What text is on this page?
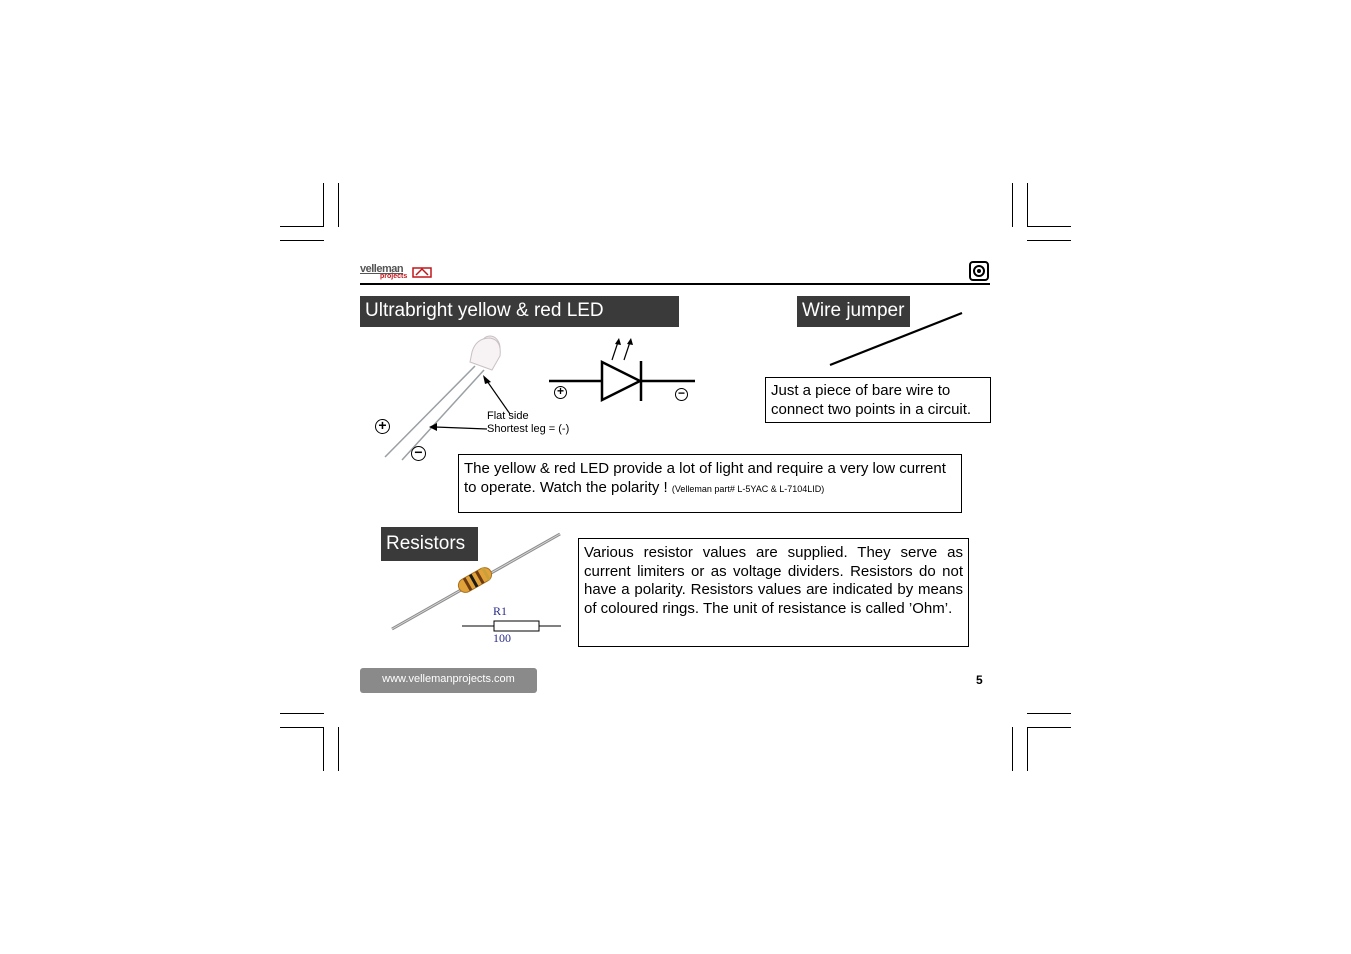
velleman
projects
Ultrabright yellow & red LED
Flat side
Shortest leg = (-)
+
−
+	−
The yellow & red LED provide a lot of light and require a very low current to operate. Watch the polarity ! (Velleman part# L-5YAC & L-7104LID)
Wire jumper
Just a piece of bare wire to connect two points in a circuit.
Resistors
R1
100
Various resistor values are supplied. They serve as current limiters or as voltage dividers. Resistors do not have a polarity. Resistors values are indicated by means of coloured rings. The unit of resistance is called ’Ohm’.
www.vellemanprojects.com	5
